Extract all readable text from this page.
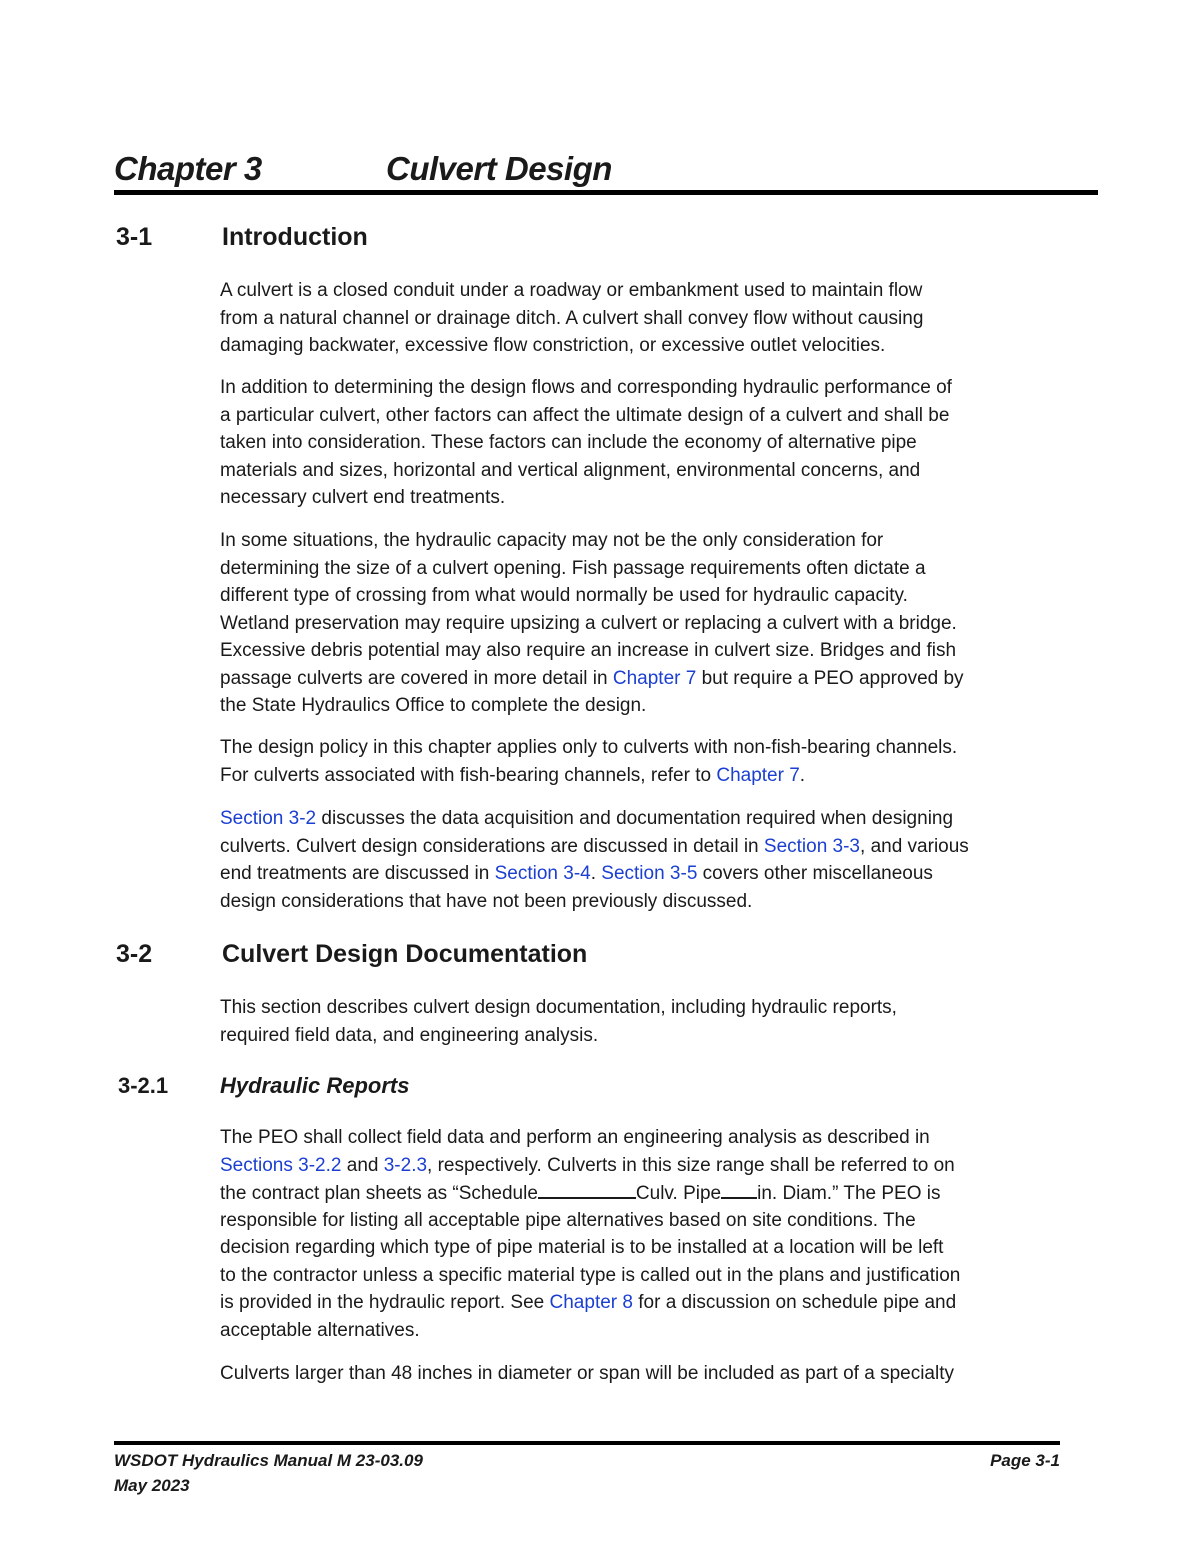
Chapter 3	Culvert Design
3-1	Introduction
A culvert is a closed conduit under a roadway or embankment used to maintain flow
from a natural channel or drainage ditch. A culvert shall convey flow without causing
damaging backwater, excessive flow constriction, or excessive outlet velocities.
In addition to determining the design flows and corresponding hydraulic performance of
a particular culvert, other factors can affect the ultimate design of a culvert and shall be
taken into consideration. These factors can include the economy of alternative pipe
materials and sizes, horizontal and vertical alignment, environmental concerns, and
necessary culvert end treatments.
In some situations, the hydraulic capacity may not be the only consideration for
determining the size of a culvert opening. Fish passage requirements often dictate a
different type of crossing from what would normally be used for hydraulic capacity.
Wetland preservation may require upsizing a culvert or replacing a culvert with a bridge.
Excessive debris potential may also require an increase in culvert size. Bridges and fish
passage culverts are covered in more detail in Chapter 7 but require a PEO approved by
the State Hydraulics Office to complete the design.
The design policy in this chapter applies only to culverts with non-fish-bearing channels.
For culverts associated with fish-bearing channels, refer to Chapter 7.
Section 3-2 discusses the data acquisition and documentation required when designing
culverts. Culvert design considerations are discussed in detail in Section 3-3, and various
end treatments are discussed in Section 3-4. Section 3-5 covers other miscellaneous
design considerations that have not been previously discussed.
3-2	Culvert Design Documentation
This section describes culvert design documentation, including hydraulic reports,
required field data, and engineering analysis.
3-2.1 Hydraulic Reports
The PEO shall collect field data and perform an engineering analysis as described in
Sections 3-2.2 and 3-2.3, respectively. Culverts in this size range shall be referred to on
the contract plan sheets as “Schedule	Culv. Pipe in. Diam.” The PEO is
responsible for listing all acceptable pipe alternatives based on site conditions. The
decision regarding which type of pipe material is to be installed at a location will be left
to the contractor unless a specific material type is called out in the plans and justification
is provided in the hydraulic report. See Chapter 8 for a discussion on schedule pipe and
acceptable alternatives.
Culverts larger than 48 inches in diameter or span will be included as part of a specialty
WSDOT Hydraulics Manual M 23-03.09	Page 3-1
May 2023
